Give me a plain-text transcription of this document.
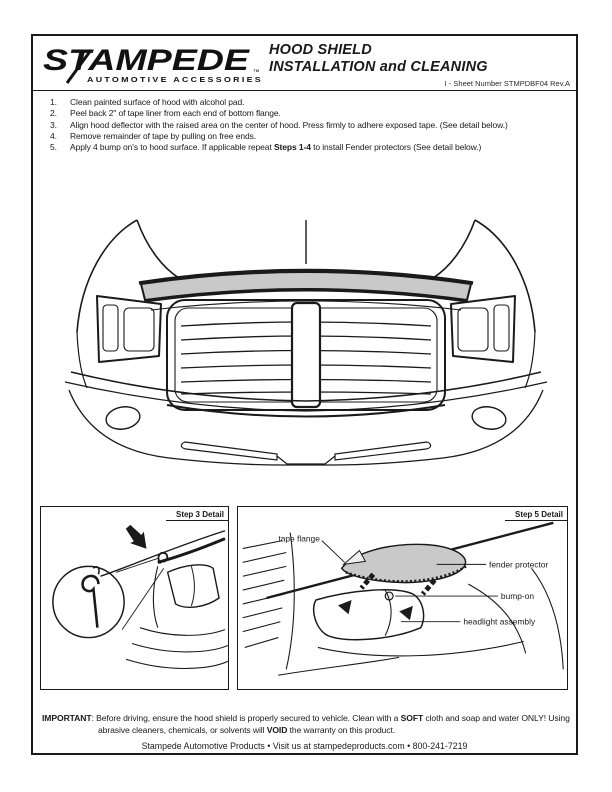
STAMPEDE ™
AUTOMOTIVE ACCESSORIES
HOOD SHIELD
INSTALLATION and CLEANING
I - Sheet Number STMPDBF04 Rev.A
1.	Clean painted surface of hood with alcohol pad.
2.	Peel back 2" of tape liner from each end of bottom flange.
3.	Align hood deflector with the raised area on the center of hood. Press firmly to adhere exposed tape. (See detail below.)
4.	Remove remainder of tape by pulling on free ends.
5.	Apply 4 bump on's to hood surface. If applicable repeat Steps 1-4 to install Fender protectors (See detail below.)
Step 3 Detail	Step 5 Detail
tape flange
fender protector
bump-on
headlight assembly

IMPORTANT: Before driving, ensure the hood shield is properly secured to vehicle. Clean with a SOFT cloth and soap and water ONLY! Using abrasive cleaners, chemicals, or solvents will VOID the warranty on this product.

Stampede Automotive Products • Visit us at stampedeproducts.com • 800-241-7219
